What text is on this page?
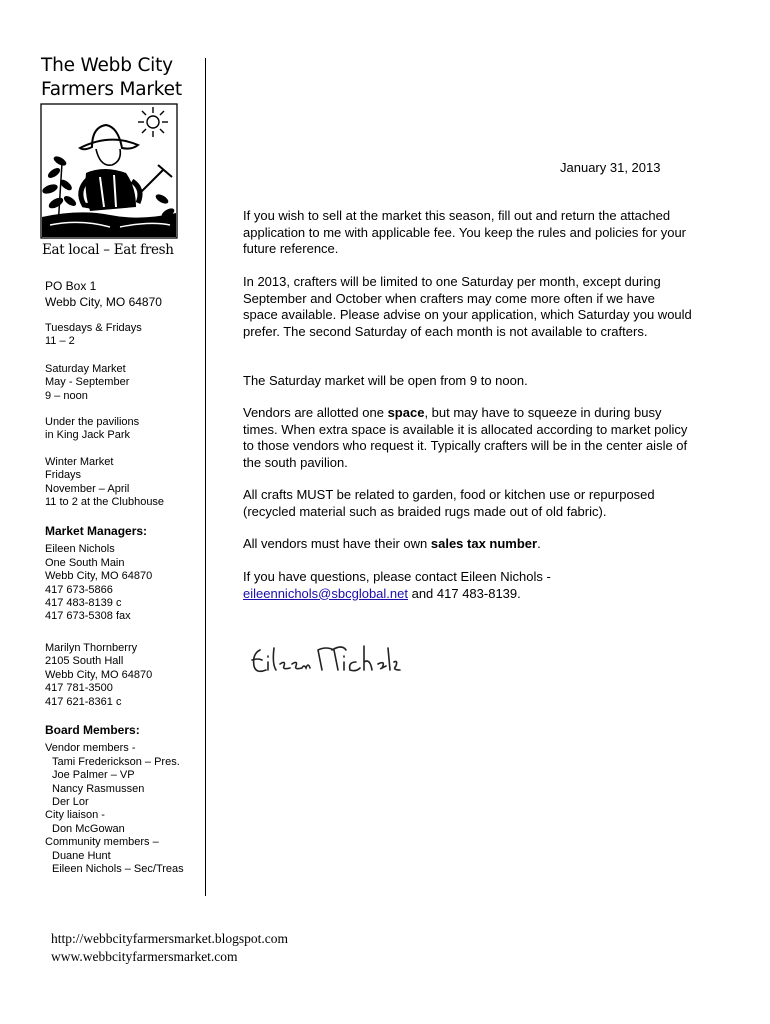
The Webb City
Farmers Market
Eat local – Eat fresh
PO Box 1
Webb City, MO 64870
Tuesdays & Fridays
11 – 2
Saturday Market
May - September
9 – noon
Under the pavilions
in King Jack Park
Winter Market
Fridays
November – April
11 to 2 at the Clubhouse
Market Managers:
Eileen Nichols
One South Main
Webb City, MO 64870
417 673-5866
417 483-8139 c
417 673-5308 fax
Marilyn Thornberry
2105 South Hall
Webb City, MO 64870
417 781-3500
417 621-8361 c
Board Members:
Vendor members -
Tami Frederickson – Pres.
Joe Palmer – VP
Nancy Rasmussen
Der Lor
City liaison -
Don McGowan
Community members –
Duane Hunt
Eileen Nichols – Sec/Treas
January 31, 2013
If you wish to sell at the market this season, fill out and return the attached application to me with applicable fee. You keep the rules and policies for your future reference.
In 2013, crafters will be limited to one Saturday per month, except during September and October when crafters may come more often if we have space available. Please advise on your application, which Saturday you would prefer. The second Saturday of each month is not available to crafters.
The Saturday market will be open from 9 to noon.
Vendors are allotted one space, but may have to squeeze in during busy times. When extra space is available it is allocated according to market policy to those vendors who request it. Typically crafters will be in the center aisle of the south pavilion.
All crafts MUST be related to garden, food or kitchen use or repurposed (recycled material such as braided rugs made out of old fabric).
All vendors must have their own sales tax number.
If you have questions, please contact Eileen Nichols - eileennichols@sbcglobal.net and 417 483-8139.
http://webbcityfarmersmarket.blogspot.com
www.webbcityfarmersmarket.com
